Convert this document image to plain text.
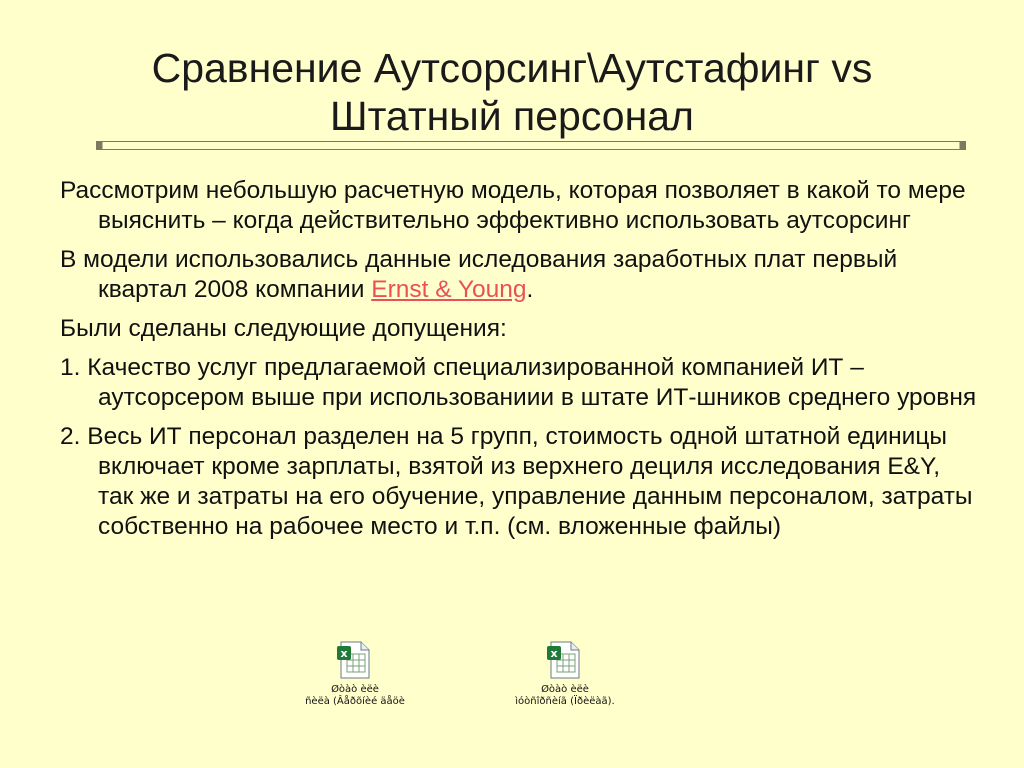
Сравнение Аутсорсинг\Аутстафинг vs
Штатный персонал

Рассмотрим небольшую расчетную модель, которая позволяет в какой то мере выяснить – когда действительно эффективно использовать аутсорсинг

В модели использовались данные иследования заработных плат первый квартал 2008 компании Ernst & Young.

Были сделаны следующие допущения:

1. Качество услуг предлагаемой специализированной компанией ИТ – аутсорсером выше при использованиии в штате ИТ-шников среднего уровня

2. Весь ИТ персонал разделен на 5 групп, стоимость одной штатной единицы включает кроме зарплаты, взятой из верхнего дециля исследования E&Y, так же и затраты на его обучение, управление данным персоналом, затраты собственно на рабочее место и т.п. (см. вложенные файлы)

x
Øòàò èëè
ñèëà (Âåðõíèé äåöè
x
Øòàò èëè
ìóòñîðñèíã (Ïðèëàã).
